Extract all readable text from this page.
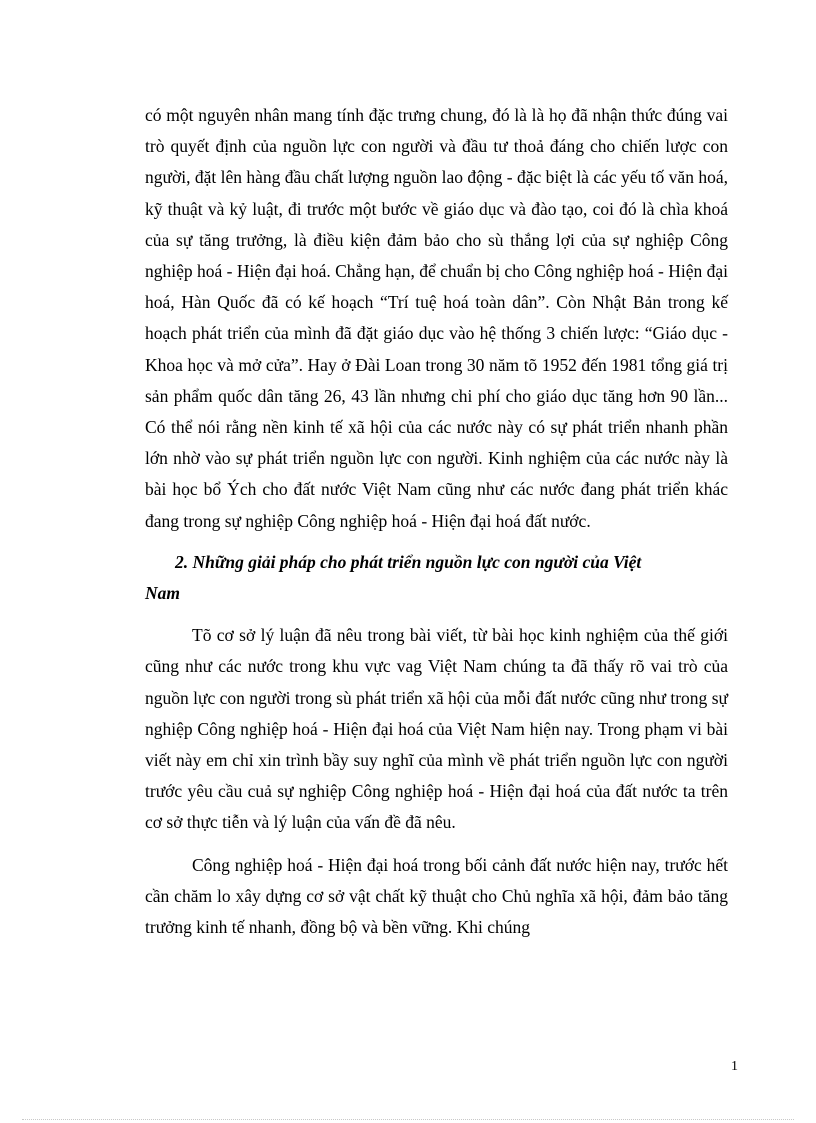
có một nguyên nhân mang tính đặc trưng chung, đó là là họ đã nhận thức đúng vai trò quyết định của nguồn lực con người và đầu tư thoả đáng cho chiến lược con người, đặt lên hàng đầu chất lượng nguồn lao động - đặc biệt là các yếu tố văn hoá, kỹ thuật và kỷ luật, đi trước một bước về giáo dục và đào tạo, coi đó là chìa khoá của sự tăng trưởng, là điều kiện đảm bảo cho sù thắng lợi của sự nghiệp Công nghiệp hoá - Hiện đại hoá. Chẳng hạn, để chuẩn bị cho Công nghiệp hoá - Hiện đại hoá, Hàn Quốc đã có kế hoạch “Trí tuệ hoá toàn dân”. Còn Nhật Bản trong kế hoạch phát triển của mình đã đặt giáo dục vào hệ thống 3 chiến lược: “Giáo dục - Khoa học và mở cửa”. Hay ở Đài Loan trong 30 năm tõ 1952 đến 1981 tổng giá trị sản phẩm quốc dân tăng 26, 43 lần nhưng chi phí cho giáo dục tăng hơn 90 lần... Có thể nói rằng nền kinh tế xã hội của các nước này có sự phát triển nhanh phần lớn nhờ vào sự phát triển nguồn lực con người. Kinh nghiệm của các nước này là bài học bổ Ých cho đất nước Việt Nam cũng như các nước đang phát triển khác đang trong sự nghiệp Công nghiệp hoá - Hiện đại hoá đất nước.

2. Những giải pháp cho phát triển nguồn lực con người của Việt
Nam

Tõ cơ sở lý luận đã nêu trong bài viết, từ bài học kinh nghiệm của thế giới cũng như các nước trong khu vực vag Việt Nam chúng ta đã thấy rõ vai trò của nguồn lực con người trong sù phát triển xã hội của mỗi đất nước cũng như trong sự nghiệp Công nghiệp hoá - Hiện đại hoá của Việt Nam hiện nay. Trong phạm vi bài viết này em chỉ xin trình bầy suy nghĩ của mình về phát triển nguồn lực con người trước yêu cầu cuả sự nghiệp Công nghiệp hoá - Hiện đại hoá của đất nước ta trên cơ sở thực tiễn và lý luận của vấn đề đã nêu.

Công nghiệp hoá - Hiện đại hoá trong bối cảnh đất nước hiện nay, trước hết cần chăm lo xây dựng cơ sở vật chất kỹ thuật cho Chủ nghĩa xã hội, đảm bảo tăng trưởng kinh tế nhanh, đồng bộ và bền vững. Khi chúng

1
